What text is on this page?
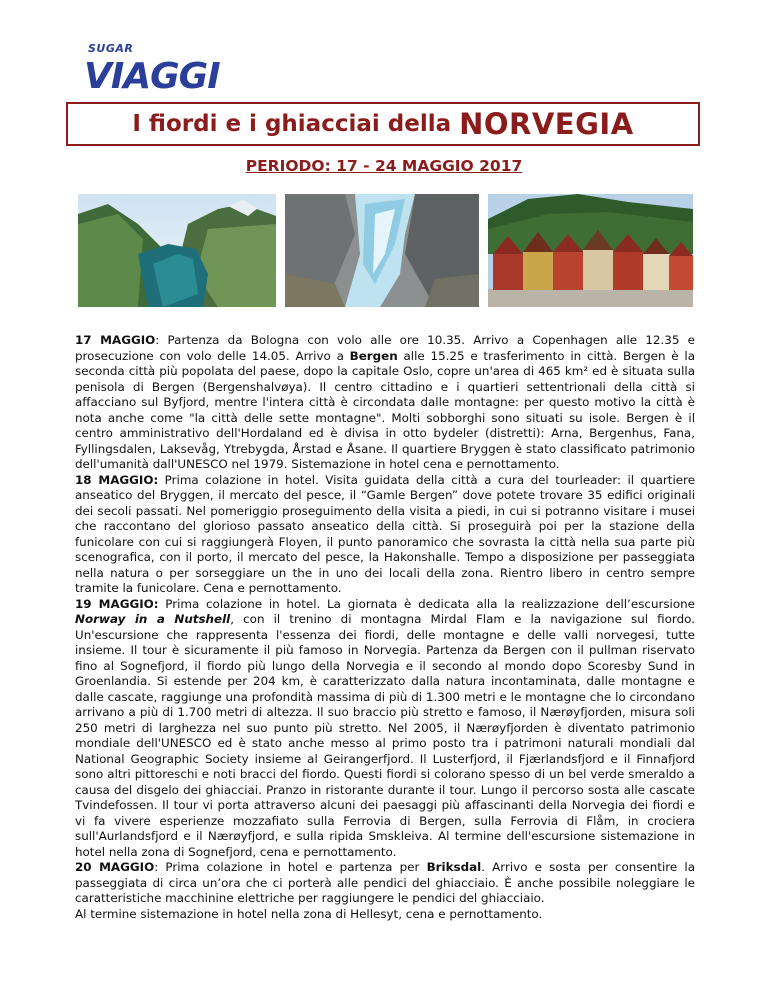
SUGAR
VIAGGI
I fiordi e i ghiacciai della NORVEGIA
PERIODO: 17 - 24 MAGGIO 2017

17 MAGGIO: Partenza da Bologna con volo alle ore 10.35. Arrivo a Copenhagen alle 12.35 e prosecuzione con volo delle 14.05. Arrivo a Bergen alle 15.25 e trasferimento in città. Bergen è la seconda città più popolata del paese, dopo la capitale Oslo, copre un'area di 465 km² ed è situata sulla penisola di Bergen (Bergenshalvøya). Il centro cittadino e i quartieri settentrionali della città si affacciano sul Byfjord, mentre l'intera città è circondata dalle montagne: per questo motivo la città è nota anche come "la città delle sette montagne". Molti sobborghi sono situati su isole. Bergen è il centro amministrativo dell'Hordaland ed è divisa in otto bydeler (distretti): Arna, Bergenhus, Fana, Fyllingsdalen, Laksevåg, Ytrebygda, Årstad e Åsane. Il quartiere Bryggen è stato classificato patrimonio dell'umanità dall'UNESCO nel 1979. Sistemazione in hotel cena e pernottamento.

18 MAGGIO: Prima colazione in hotel. Visita guidata della città a cura del tourleader: il quartiere anseatico del Bryggen, il mercato del pesce, il “Gamle Bergen” dove potete trovare 35 edifici originali dei secoli passati. Nel pomeriggio proseguimento della visita a piedi, in cui si potranno visitare i musei che raccontano del glorioso passato anseatico della città. Si proseguirà poi per la stazione della funicolare con cui si raggiungerà Floyen, il punto panoramico che sovrasta la città nella sua parte più scenografica, con il porto, il mercato del pesce, la Hakonshalle. Tempo a disposizione per passeggiata nella natura o per sorseggiare un the in uno dei locali della zona. Rientro libero in centro sempre tramite la funicolare. Cena e pernottamento.

19 MAGGIO: Prima colazione in hotel. La giornata è dedicata alla la realizzazione dell’escursione Norway in a Nutshell, con il trenino di montagna Mirdal Flam e la navigazione sul fiordo. Un'escursione che rappresenta l'essenza dei fiordi, delle montagne e delle valli norvegesi, tutte insieme. Il tour è sicuramente il più famoso in Norvegia. Partenza da Bergen con il pullman riservato fino al Sognefjord, il fiordo più lungo della Norvegia e il secondo al mondo dopo Scoresby Sund in Groenlandia. Si estende per 204 km, è caratterizzato dalla natura incontaminata, dalle montagne e dalle cascate, raggiunge una profondità massima di più di 1.300 metri e le montagne che lo circondano arrivano a più di 1.700 metri di altezza. Il suo braccio più stretto e famoso, il Nærøyfjorden, misura soli 250 metri di larghezza nel suo punto più stretto. Nel 2005, il Nærøyfjorden è diventato patrimonio mondiale dell'UNESCO ed è stato anche messo al primo posto tra i patrimoni naturali mondiali dal National Geographic Society insieme al Geirangerfjord. Il Lusterfjord, il Fjærlandsfjord e il Finnafjord sono altri pittoreschi e noti bracci del fiordo. Questi fiordi si colorano spesso di un bel verde smeraldo a causa del disgelo dei ghiacciai. Pranzo in ristorante durante il tour. Lungo il percorso sosta alle cascate Tvindefossen. Il tour vi porta attraverso alcuni dei paesaggi più affascinanti della Norvegia dei fiordi e vi fa vivere esperienze mozzafiato sulla Ferrovia di Bergen, sulla Ferrovia di Flåm, in crociera sull'Aurlandsfjord e il Nærøyfjord, e sulla ripida Smskleiva. Al termine dell'escursione sistemazione in hotel nella zona di Sognefjord, cena e pernottamento.

20 MAGGIO: Prima colazione in hotel e partenza per Briksdal. Arrivo e sosta per consentire la passeggiata di circa un’ora che ci porterà alle pendici del ghiacciaio. È anche possibile noleggiare le caratteristiche macchinine elettriche per raggiungere le pendici del ghiacciaio.

Al termine sistemazione in hotel nella zona di Hellesyt, cena e pernottamento.
